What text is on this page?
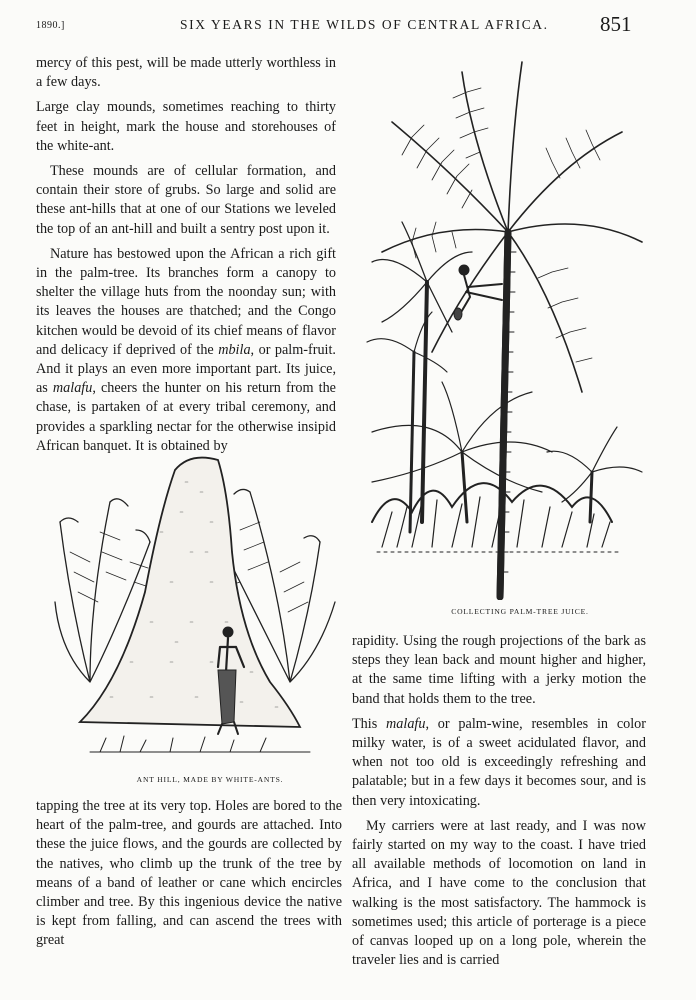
1890.]	SIX YEARS IN THE WILDS OF CENTRAL AFRICA. 851

mercy of this pest, will be made utterly worthless in a few days.

Large clay mounds, sometimes reaching to thirty feet in height, mark the house and storehouses of the white-ant.

These mounds are of cellular formation, and contain their store of grubs. So large and solid are these ant-hills that at one of our Stations we leveled the top of an ant-hill and built a sentry post upon it.

Nature has bestowed upon the African a rich gift in the palm-tree. Its branches form a canopy to shelter the village huts from the noonday sun; with its leaves the houses are thatched; and the Congo kitchen would be devoid of its chief means of flavor and delicacy if deprived of the mbila, or palm-fruit. And it plays an even more important part. Its juice, as malafu, cheers the hunter on his return from the chase, is partaken of at every tribal ceremony, and provides a sparkling nectar for the otherwise insipid African banquet. It is obtained by

COLLECTING PALM-TREE JUICE.
ANT HILL, MADE BY WHITE-ANTS.

tapping the tree at its very top. Holes are bored to the heart of the palm-tree, and gourds are attached. Into these the juice flows, and the gourds are collected by the natives, who climb up the trunk of the tree by means of a band of leather or cane which encircles climber and tree. By this ingenious device the native is kept from falling, and can ascend the trees with great

rapidity. Using the rough projections of the bark as steps they lean back and mount higher and higher, at the same time lifting with a jerky motion the band that holds them to the tree.

This malafu, or palm-wine, resembles in color milky water, is of a sweet acidulated flavor, and when not too old is exceedingly refreshing and palatable; but in a few days it becomes sour, and is then very intoxicating.

My carriers were at last ready, and I was now fairly started on my way to the coast. I have tried all available methods of locomotion on land in Africa, and I have come to the conclusion that walking is the most satisfactory. The hammock is sometimes used; this article of porterage is a piece of canvas looped up on a long pole, wherein the traveler lies and is carried
